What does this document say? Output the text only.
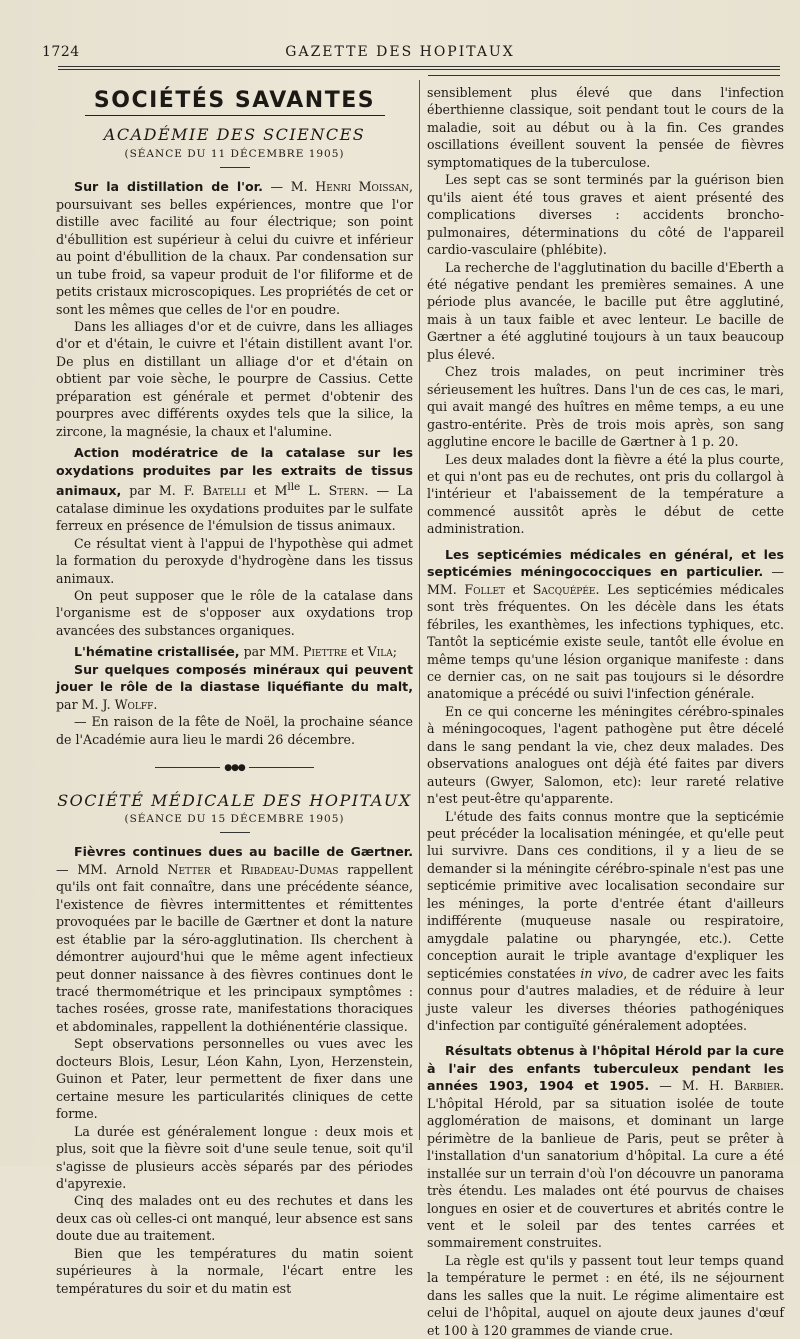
1724	GAZETTE DES HOPITAUX
SOCIÉTÉS SAVANTES
ACADÉMIE DES SCIENCES
(SÉANCE DU 11 DÉCEMBRE 1905)

Sur la distillation de l'or. — M. Henri Moissan, poursuivant ses belles expériences, montre que l'or distille avec facilité au four électrique; son point d'ébullition est supérieur à celui du cuivre et inférieur au point d'ébullition de la chaux. Par condensation sur un tube froid, sa vapeur produit de l'or filiforme et de petits cristaux microscopiques. Les propriétés de cet or sont les mêmes que celles de l'or en poudre.

Dans les alliages d'or et de cuivre, dans les alliages d'or et d'étain, le cuivre et l'étain distillent avant l'or. De plus en distillant un alliage d'or et d'étain on obtient par voie sèche, le pourpre de Cassius. Cette préparation est générale et permet d'obtenir des pourpres avec différents oxydes tels que la silice, la zircone, la magnésie, la chaux et l'alumine.

Action modératrice de la catalase sur les oxydations produites par les extraits de tissus animaux, par M. F. Batelli et $M^{lle}$ L. Stern. — La catalase diminue les oxydations produites par le sulfate ferreux en présence de l'émulsion de tissus animaux.

Ce résultat vient à l'appui de l'hypothèse qui admet la formation du peroxyde d'hydrogène dans les tissus animaux.

On peut supposer que le rôle de la catalase dans l'organisme est de s'opposer aux oxydations trop avancées des substances organiques.

L'hématine cristallisée, par MM. Piettre et Vila;

Sur quelques composés minéraux qui peuvent jouer le rôle de la diastase liquéfiante du malt, par M. J. Wolff.

— En raison de la fête de Noël, la prochaine séance de l'Académie aura lieu le mardi 26 décembre.

●●●
SOCIÉTÉ MÉDICALE DES HOPITAUX
(SÉANCE DU 15 DÉCEMBRE 1905)

Fièvres continues dues au bacille de Gærtner. — MM. Arnold Netter et Ribadeau-Dumas rappellent qu'ils ont fait connaître, dans une précédente séance, l'existence de fièvres intermittentes et rémittentes provoquées par le bacille de Gærtner et dont la nature est établie par la séro-agglutination. Ils cherchent à démontrer aujourd'hui que le même agent infectieux peut donner naissance à des fièvres continues dont le tracé thermométrique et les principaux symptômes : taches rosées, grosse rate, manifestations thoraciques et abdominales, rappellent la dothiénentérie classique.

Sept observations personnelles ou vues avec les docteurs Blois, Lesur, Léon Kahn, Lyon, Herzenstein, Guinon et Pater, leur permettent de fixer dans une certaine mesure les particularités cliniques de cette forme.

La durée est généralement longue : deux mois et plus, soit que la fièvre soit d'une seule tenue, soit qu'il s'agisse de plusieurs accès séparés par des périodes d'apyrexie.

Cinq des malades ont eu des rechutes et dans les deux cas où celles-ci ont manqué, leur absence est sans doute due au traitement.

Bien que les températures du matin soient supérieures à la normale, l'écart entre les températures du soir et du matin est

sensiblement plus élevé que dans l'infection éberthienne classique, soit pendant tout le cours de la maladie, soit au début ou à la fin. Ces grandes oscillations éveillent souvent la pensée de fièvres symptomatiques de la tuberculose.

Les sept cas se sont terminés par la guérison bien qu'ils aient été tous graves et aient présenté des complications diverses : accidents broncho-pulmonaires, déterminations du côté de l'appareil cardio-vasculaire (phlébite).

La recherche de l'agglutination du bacille d'Eberth a été négative pendant les premières semaines. A une période plus avancée, le bacille put être agglutiné, mais à un taux faible et avec lenteur. Le bacille de Gærtner a été agglutiné toujours à un taux beaucoup plus élevé.

Chez trois malades, on peut incriminer très sérieusement les huîtres. Dans l'un de ces cas, le mari, qui avait mangé des huîtres en même temps, a eu une gastro-entérite. Près de trois mois après, son sang agglutine encore le bacille de Gærtner à 1 p. 20.

Les deux malades dont la fièvre a été la plus courte, et qui n'ont pas eu de rechutes, ont pris du collargol à l'intérieur et l'abaissement de la température a commencé aussitôt après le début de cette administration.

Les septicémies médicales en général, et les septicémies méningococciques en particulier. — MM. Follet et Sacquépée. Les septicémies médicales sont très fréquentes. On les décèle dans les états fébriles, les exanthèmes, les infections typhiques, etc. Tantôt la septicémie existe seule, tantôt elle évolue en même temps qu'une lésion organique manifeste : dans ce dernier cas, on ne sait pas toujours si le désordre anatomique a précédé ou suivi l'infection générale.

En ce qui concerne les méningites cérébro-spinales à méningocoques, l'agent pathogène put être décelé dans le sang pendant la vie, chez deux malades. Des observations analogues ont déjà été faites par divers auteurs (Gwyer, Salomon, etc): leur rareté relative n'est peut-être qu'apparente.

L'étude des faits connus montre que la septicémie peut précéder la localisation méningée, et qu'elle peut lui survivre. Dans ces conditions, il y a lieu de se demander si la méningite cérébro-spinale n'est pas une septicémie primitive avec localisation secondaire sur les méninges, la porte d'entrée étant d'ailleurs indifférente (muqueuse nasale ou respiratoire, amygdale palatine ou pharyngée, etc.). Cette conception aurait le triple avantage d'expliquer les septicémies constatées in vivo, de cadrer avec les faits connus pour d'autres maladies, et de réduire à leur juste valeur les diverses théories pathogéniques d'infection par contiguïté généralement adoptées.

Résultats obtenus à l'hôpital Hérold par la cure à l'air des enfants tuberculeux pendant les années 1903, 1904 et 1905. — M. H. Barbier. L'hôpital Hérold, par sa situation isolée de toute agglomération de maisons, et dominant un large périmètre de la banlieue de Paris, peut se prêter à l'installation d'un sanatorium d'hôpital. La cure a été installée sur un terrain d'où l'on découvre un panorama très étendu. Les malades ont été pourvus de chaises longues en osier et de couvertures et abrités contre le vent et le soleil par des tentes carrées et sommairement construites.

La règle est qu'ils y passent tout leur temps quand la température le permet : en été, ils ne séjournent dans les salles que la nuit. Le régime alimentaire est celui de l'hôpital, auquel on ajoute deux jaunes d'œuf et 100 à 120 grammes de viande crue.
